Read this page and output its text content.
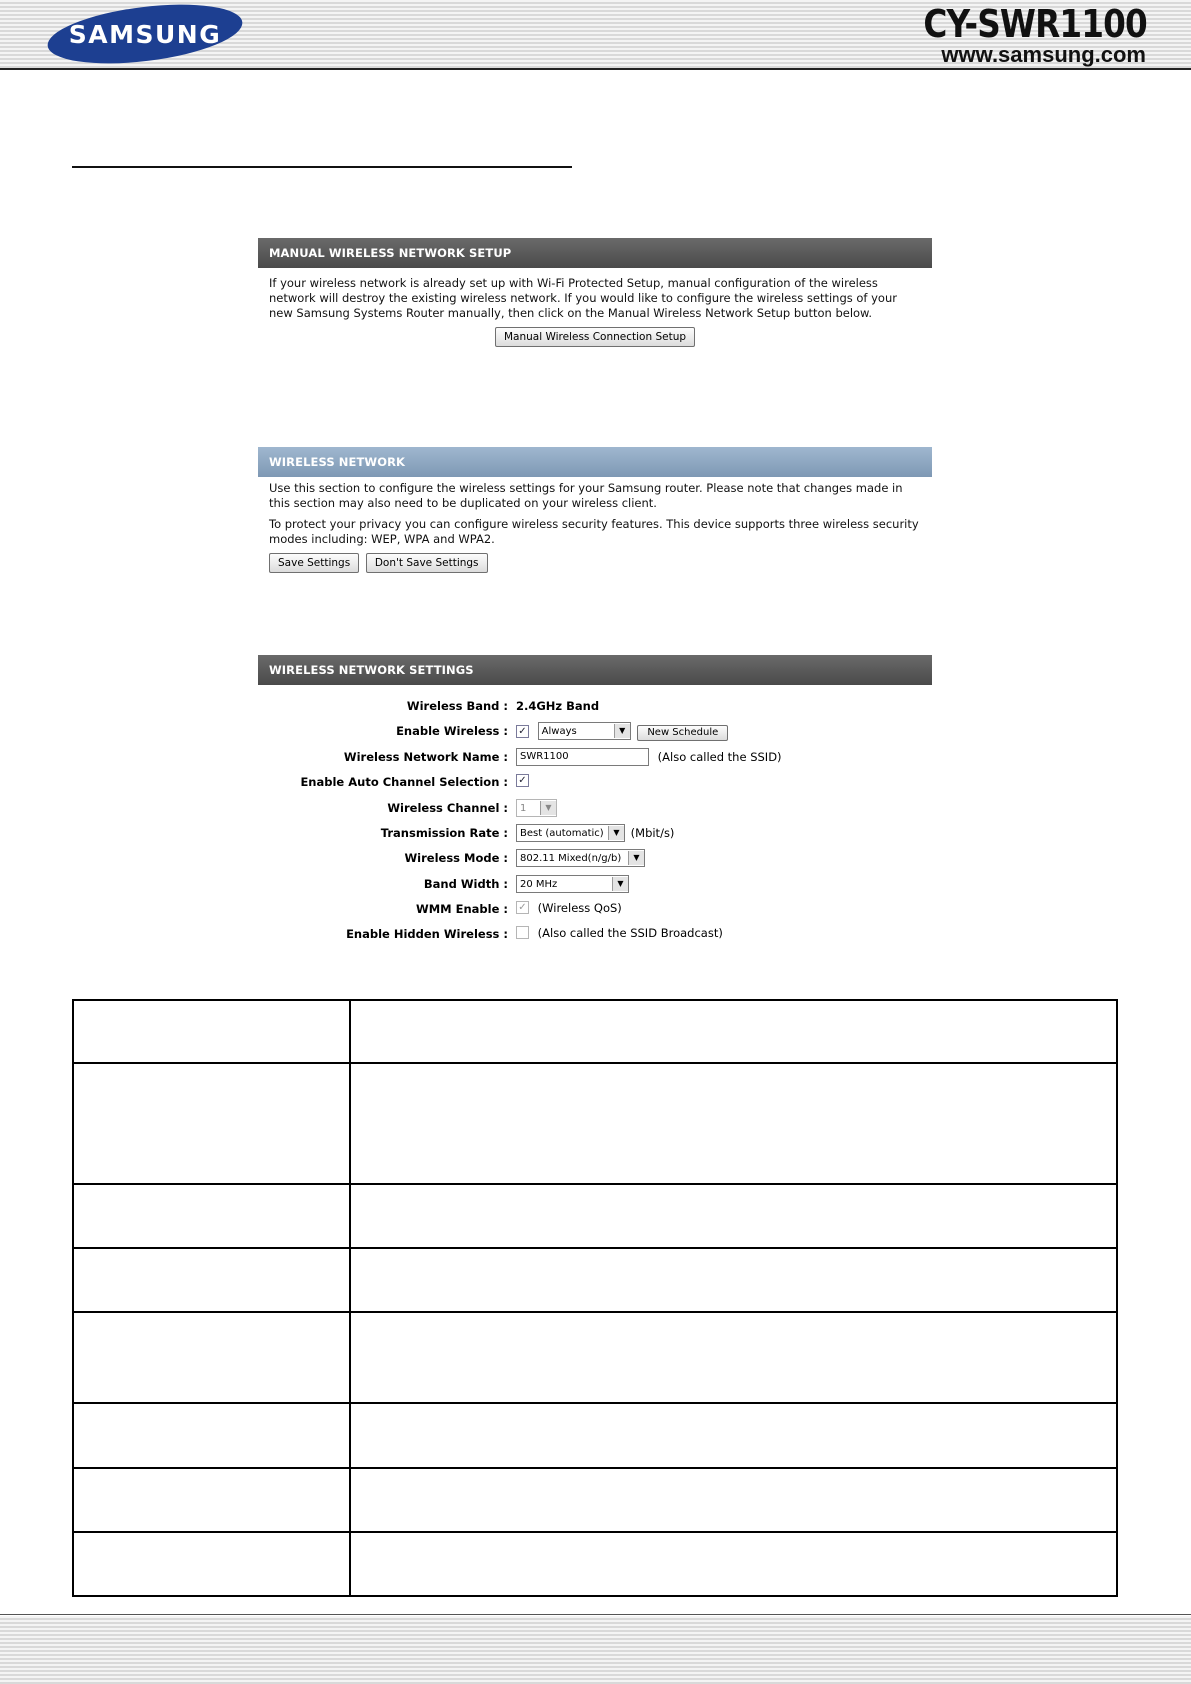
SAMSUNG	CY-SWR1100
www.samsung.com
MANUAL WIRELESS NETWORK SETUP

If your wireless network is already set up with Wi-Fi Protected Setup, manual configuration of the wireless network will destroy the existing wireless network. If you would like to configure the wireless settings of your new Samsung Systems Router manually, then click on the Manual Wireless Network Setup button below.

Manual Wireless Connection Setup
WIRELESS NETWORK

Use this section to configure the wireless settings for your Samsung router. Please note that changes made in this section may also need to be duplicated on your wireless client.

To protect your privacy you can configure wireless security features. This device supports three wireless security modes including: WEP, WPA and WPA2.

Save Settings Don't Save Settings
WIRELESS NETWORK SETTINGS
Wireless Band : 2.4GHz Band
Enable Wireless : ✓ Always	▼	New Schedule
Wireless Network Name :	SWR1100	(Also called the SSID)
Enable Auto Channel Selection : ✓
Wireless Channel : 1	▼
Transmission Rate : Best (automatic)	▼ (Mbit/s)
Wireless Mode : 802.11 Mixed(n/g/b)	▼
Band Width : 20 MHz	▼
WMM Enable : ✓ (Wireless QoS)
Enable Hidden Wireless :	(Also called the SSID Broadcast)
